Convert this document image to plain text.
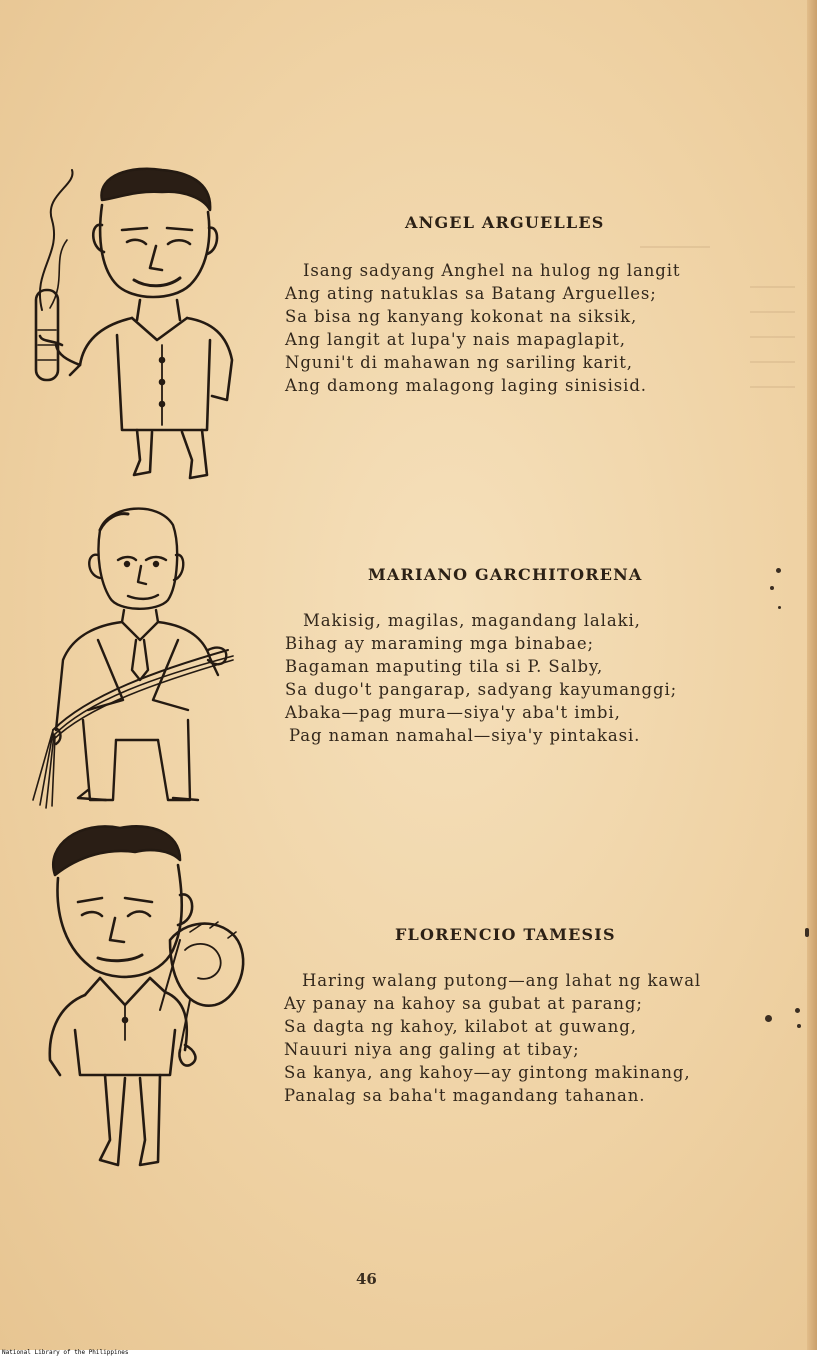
ANGEL ARGUELLES
Isang sadyang Anghel na hulog ng langit
Ang ating natuklas sa Batang Arguelles;
Sa bisa ng kanyang kokonat na siksik,
Ang langit at lupa'y nais mapaglapit,
Nguni't di mahawan ng sariling karit,
Ang damong malagong laging sinisisid.
MARIANO GARCHITORENA
Makisig, magilas, magandang lalaki,
Bihag ay maraming mga binabae;
Bagaman maputing tila si P. Salby,
Sa dugo't pangarap, sadyang kayumanggi;
Abaka—pag mura—siya'y aba't imbi,
Pag naman namahal—siya'y pintakasi.
FLORENCIO TAMESIS
Haring walang putong—ang lahat ng kawal
Ay panay na kahoy sa gubat at parang;
Sa dagta ng kahoy, kilabot at guwang,
Nauuri niya ang galing at tibay;
Sa kanya, ang kahoy—ay gintong makinang,
Panalag sa baha't magandang tahanan.
46
National Library of the Philippines
